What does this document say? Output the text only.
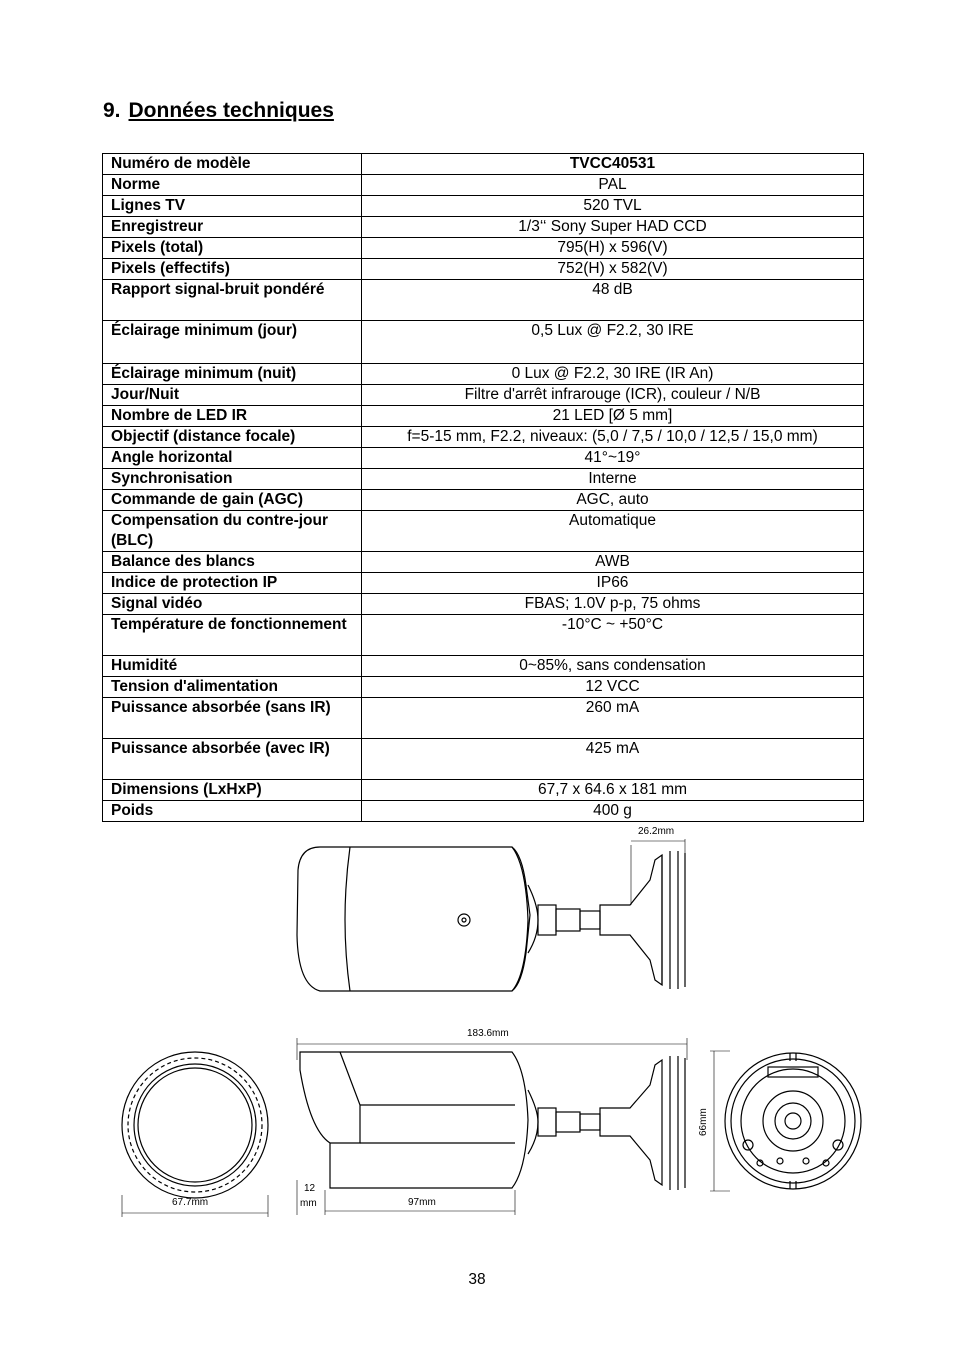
9. Données techniques
Numéro de modèle	TVCC40531
Norme	PAL
Lignes TV	520 TVL
Enregistreur	1/3‘‘ Sony Super HAD CCD
Pixels (total)	795(H) x 596(V)
Pixels (effectifs)	752(H) x 582(V)
Rapport signal-bruit pondéré	48 dB
Éclairage minimum (jour)	0,5 Lux @ F2.2, 30 IRE
Éclairage minimum (nuit)	0 Lux @ F2.2, 30 IRE (IR An)
Jour/Nuit	Filtre d'arrêt infrarouge (ICR), couleur / N/B
Nombre de LED IR	21 LED [Ø 5 mm]
Objectif (distance focale)	f=5-15 mm, F2.2, niveaux: (5,0 / 7,5 / 10,0 / 12,5 / 15,0 mm)
Angle horizontal	41°~19°
Synchronisation	Interne
Commande de gain (AGC)	AGC, auto
Compensation du contre-jour (BLC)	Automatique
Balance des blancs	AWB
Indice de protection IP	IP66
Signal vidéo	FBAS; 1.0V p-p, 75 ohms
Température de fonctionnement	-10°C ~ +50°C
Humidité	0~85%, sans condensation
Tension d'alimentation	12 VCC
Puissance absorbée (sans IR)	260 mA
Puissance absorbée (avec IR)	425 mA
Dimensions (LxHxP)	67,7 x 64.6 x 181 mm
Poids	400 g
26.2mm
67.7mm
183.6mm
12
mm	97mm
66mm
38
